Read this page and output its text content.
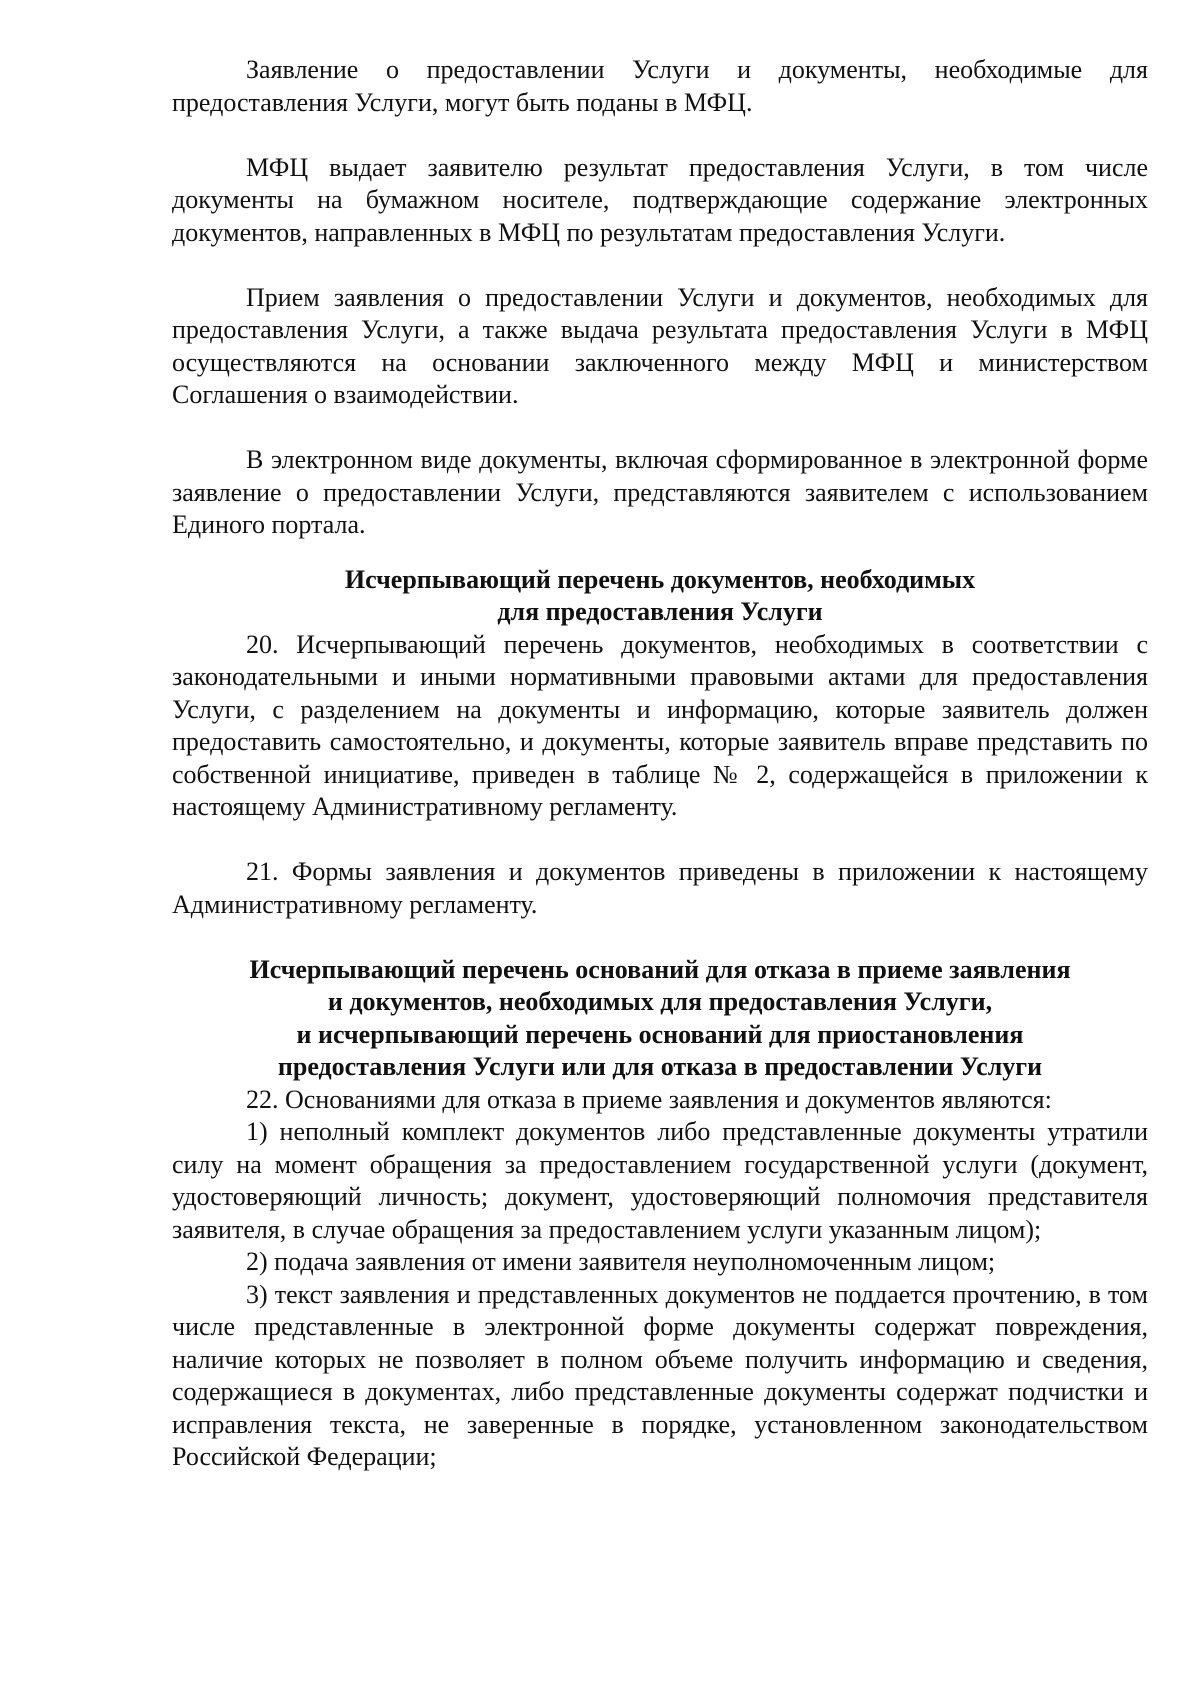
Заявление о предоставлении Услуги и документы, необходимые для предоставления Услуги, могут быть поданы в МФЦ.

МФЦ выдает заявителю результат предоставления Услуги, в том числе документы на бумажном носителе, подтверждающие содержание электронных документов, направленных в МФЦ по результатам предоставления Услуги.

Прием заявления о предоставлении Услуги и документов, необходимых для предоставления Услуги, а также выдача результата предоставления Услуги в МФЦ осуществляются на основании заключенного между МФЦ и министерством Соглашения о взаимодействии.

В электронном виде документы, включая сформированное в электронной форме заявление о предоставлении Услуги, представляются заявителем с использованием Единого портала.

Исчерпывающий перечень документов, необходимых
для предоставления Услуги

20. Исчерпывающий перечень документов, необходимых в соответствии с законодательными и иными нормативными правовыми актами для предоставления Услуги, с разделением на документы и информацию, которые заявитель должен предоставить самостоятельно, и документы, которые заявитель вправе представить по собственной инициативе, приведен в таблице № 2, содержащейся в приложении к настоящему Административному регламенту.

21. Формы заявления и документов приведены в приложении к настоящему Административному регламенту.

Исчерпывающий перечень оснований для отказа в приеме заявления
и документов, необходимых для предоставления Услуги,
и исчерпывающий перечень оснований для приостановления
предоставления Услуги или для отказа в предоставлении Услуги

22. Основаниями для отказа в приеме заявления и документов являются:

1) неполный комплект документов либо представленные документы утратили силу на момент обращения за предоставлением государственной услуги (документ, удостоверяющий личность; документ, удостоверяющий полномочия представителя заявителя, в случае обращения за предоставлением услуги указанным лицом);

2) подача заявления от имени заявителя неуполномоченным лицом;

3) текст заявления и представленных документов не поддается прочтению, в том числе представленные в электронной форме документы содержат повреждения, наличие которых не позволяет в полном объеме получить информацию и сведения, содержащиеся в документах, либо представленные документы содержат подчистки и исправления текста, не заверенные в порядке, установленном законодательством Российской Федерации;
